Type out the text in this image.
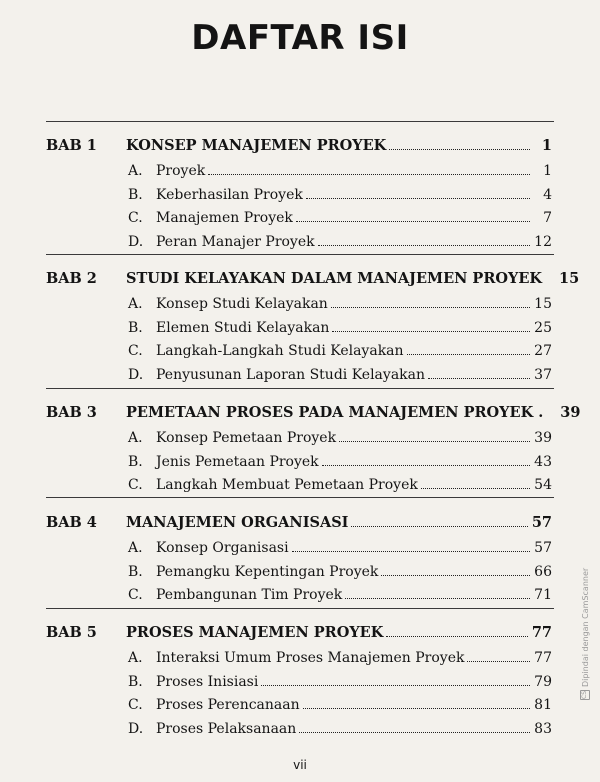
DAFTAR ISI
BAB 1	KONSEP MANAJEMEN PROYEK	1
A. Proyek	1
B. Keberhasilan Proyek	4
C. Manajemen Proyek	7
D. Peran Manajer Proyek	12
BAB 2	STUDI KELAYAKAN DALAM MANAJEMEN PROYEK 15
A. Konsep Studi Kelayakan	15
B. Elemen Studi Kelayakan	25
C. Langkah-Langkah Studi Kelayakan	27
D. Penyusunan Laporan Studi Kelayakan	37
BAB 3	PEMETAAN PROSES PADA MANAJEMEN PROYEK . 39
A. Konsep Pemetaan Proyek	39
B. Jenis Pemetaan Proyek	43
C. Langkah Membuat Pemetaan Proyek	54
BAB 4	MANAJEMEN ORGANISASI	57
A. Konsep Organisasi	57
B. Pemangku Kepentingan Proyek	66
C. Pembangunan Tim Proyek	71
BAB 5	PROSES MANAJEMEN PROYEK	77
A. Interaksi Umum Proses Manajemen Proyek	77
B. Proses Inisiasi	79
C. Proses Perencanaan	81
D. Proses Pelaksanaan	83
vii
CS
Dipindai dengan CamScanner
